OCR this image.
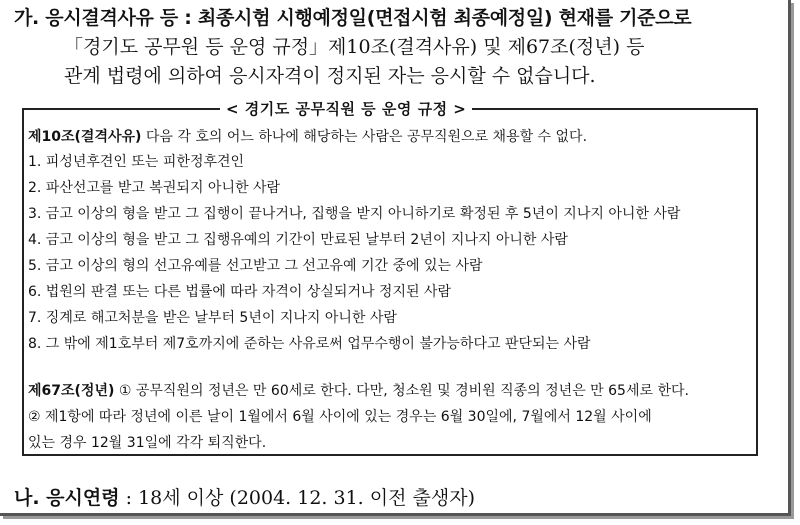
가. 응시결격사유 등 : 최종시험 시행예정일(면접시험 최종예정일) 현재를 기준으로
「경기도 공무원 등 운영 규정」제10조(결격사유) 및 제67조(정년) 등
관계 법령에 의하여 응시자격이 정지된 자는 응시할 수 없습니다.
< 경기도 공무직원 등 운영 규정 >
제10조(결격사유) 다음 각 호의 어느 하나에 해당하는 사람은 공무직원으로 채용할 수 없다.
1. 피성년후견인 또는 피한정후견인
2. 파산선고를 받고 복권되지 아니한 사람
3. 금고 이상의 형을 받고 그 집행이 끝나거나, 집행을 받지 아니하기로 확정된 후 5년이 지나지 아니한 사람
4. 금고 이상의 형을 받고 그 집행유예의 기간이 만료된 날부터 2년이 지나지 아니한 사람
5. 금고 이상의 형의 선고유예를 선고받고 그 선고유예 기간 중에 있는 사람
6. 법원의 판결 또는 다른 법률에 따라 자격이 상실되거나 정지된 사람
7. 징계로 해고처분을 받은 날부터 5년이 지나지 아니한 사람
8. 그 밖에 제1호부터 제7호까지에 준하는 사유로써 업무수행이 불가능하다고 판단되는 사람
제67조(정년) ① 공무직원의 정년은 만 60세로 한다. 다만, 청소원 및 경비원 직종의 정년은 만 65세로 한다.
② 제1항에 따라 정년에 이른 날이 1월에서 6월 사이에 있는 경우는 6월 30일에, 7월에서 12월 사이에
있는 경우 12월 31일에 각각 퇴직한다.
나. 응시연령 : 18세 이상 (2004. 12. 31. 이전 출생자)
